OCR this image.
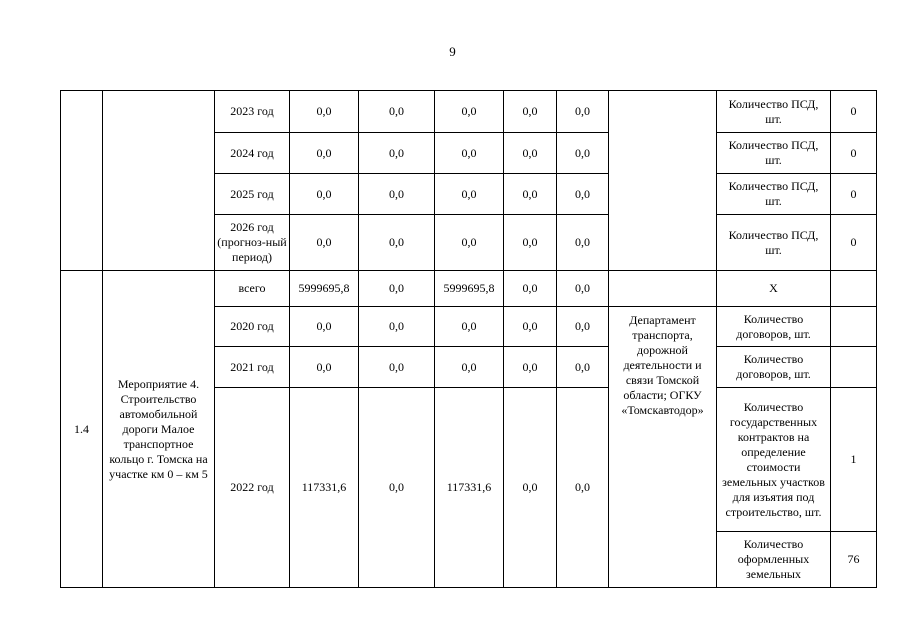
9
		2023 год	0,0	0,0	0,0	0,0	0,0		Количество ПСД, шт.	0
		2024 год	0,0	0,0	0,0	0,0	0,0		Количество ПСД, шт.	0
		2025 год	0,0	0,0	0,0	0,0	0,0		Количество ПСД, шт.	0
		2026 год (прогноз-ный период)	0,0	0,0	0,0	0,0	0,0		Количество ПСД, шт.	0
1.4	Мероприятие 4. Строительство автомобильной дороги Малое транспортное кольцо г. Томска на участке км 0 – км 5	всего	5999695,8	0,0	5999695,8	0,0	0,0		Х	
		2020 год	0,0	0,0	0,0	0,0	0,0	Департамент транспорта, дорожной деятельности и связи Томской области; ОГКУ «Томскавтодор»	Количество договоров, шт.	
		2021 год	0,0	0,0	0,0	0,0	0,0		Количество договоров, шт.	
		2022 год	117331,6	0,0	117331,6	0,0	0,0		Количество государственных контрактов на определение стоимости земельных участков для изъятия под строительство, шт.	1
									Количество оформленных земельных	76
